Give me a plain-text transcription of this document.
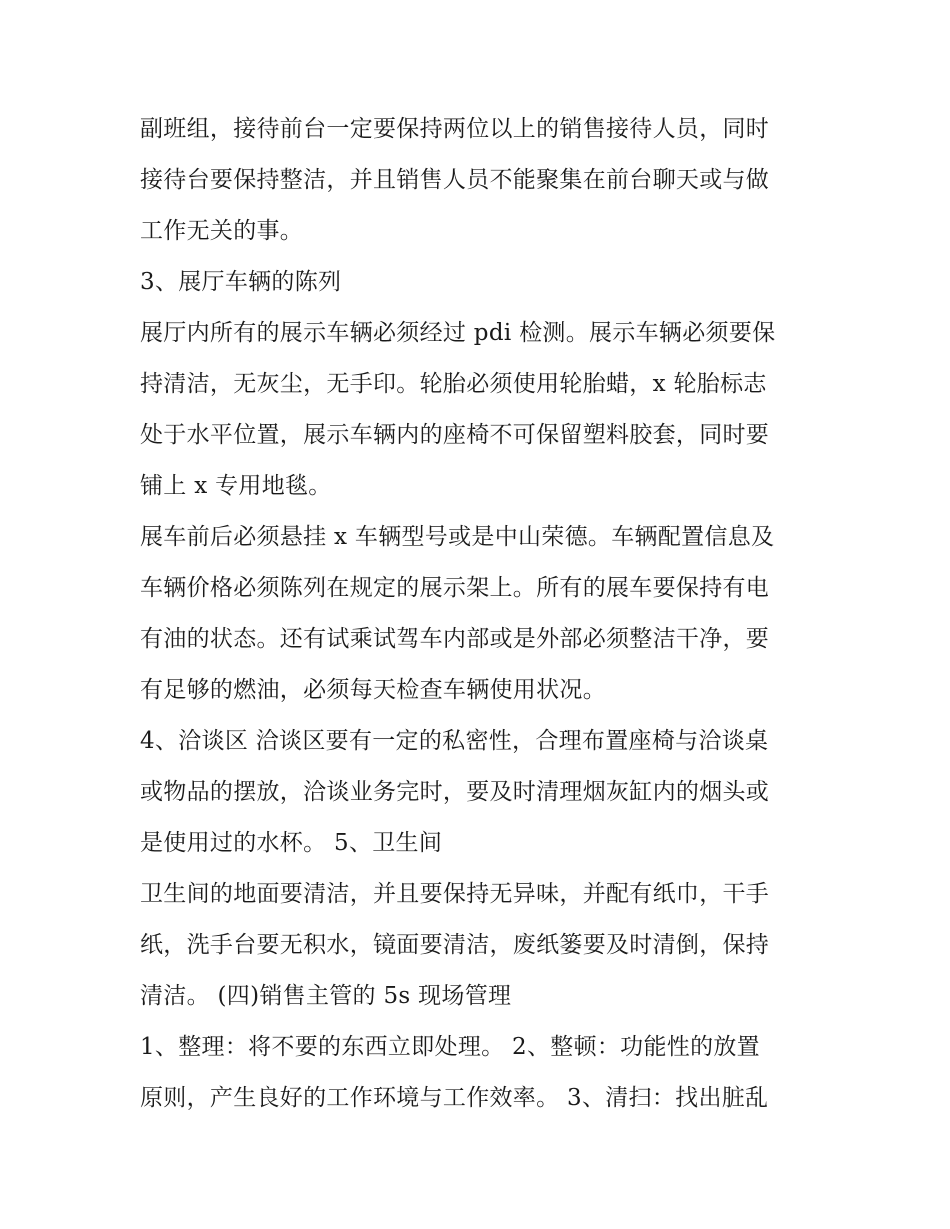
副班组，接待前台一定要保持两位以上的销售接待人员，同时
接待台要保持整洁，并且销售人员不能聚集在前台聊天或与做
工作无关的事。
3、展厅车辆的陈列
展厅内所有的展示车辆必须经过 pdi 检测。展示车辆必须要保
持清洁，无灰尘，无手印。轮胎必须使用轮胎蜡，x 轮胎标志
处于水平位置，展示车辆内的座椅不可保留塑料胶套，同时要
铺上 x 专用地毯。
展车前后必须悬挂 x 车辆型号或是中山荣德。车辆配置信息及
车辆价格必须陈列在规定的展示架上。所有的展车要保持有电
有油的状态。还有试乘试驾车内部或是外部必须整洁干净，要
有足够的燃油，必须每天检查车辆使用状况。
4、洽谈区 洽谈区要有一定的私密性，合理布置座椅与洽谈桌
或物品的摆放，洽谈业务完时，要及时清理烟灰缸内的烟头或
是使用过的水杯。 5、卫生间
卫生间的地面要清洁，并且要保持无异味，并配有纸巾，干手
纸，洗手台要无积水，镜面要清洁，废纸篓要及时清倒，保持
清洁。 (四)销售主管的 5s 现场管理
1、整理：将不要的东西立即处理。 2、整顿：功能性的放置
原则，产生良好的工作环境与工作效率。 3、清扫：找出脏乱
